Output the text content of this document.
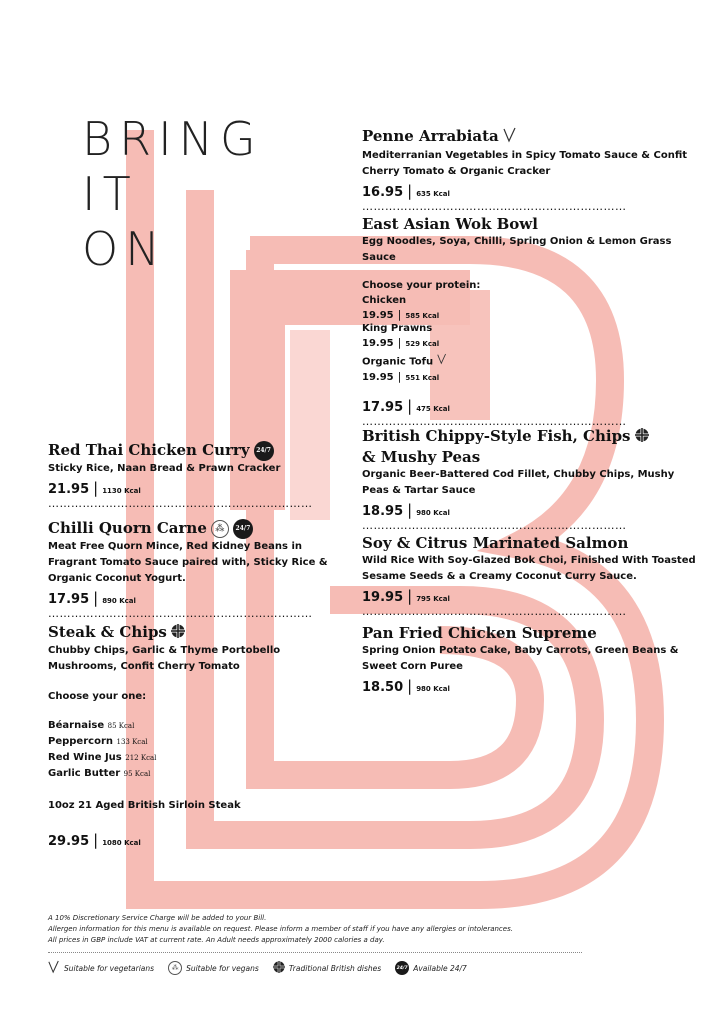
BRING
IT
ON
Penne Arrabiata
Mediterranian Vegetables in Spicy Tomato Sauce & Confit Cherry Tomato & Organic Cracker
16.95 | 635 Kcal
……………………………………………………………
East Asian Wok Bowl
Egg Noodles, Soya, Chilli, Spring Onion & Lemon Grass Sauce
Choose your protein:
Chicken
19.95 | 585 Kcal
King Prawns
19.95 | 529 Kcal
Organic Tofu
19.95 | 551 Kcal
17.95 | 475 Kcal
……………………………………………………………
British Chippy-Style Fish, Chips
& Mushy Peas
Organic Beer-Battered Cod Fillet, Chubby Chips, Mushy Peas & Tartar Sauce
18.95 | 980 Kcal
……………………………………………………………
Soy & Citrus Marinated Salmon
Wild Rice With Soy-Glazed Bok Choi, Finished With Toasted Sesame Seeds & a Creamy Coconut Curry Sauce.
19.95 | 795 Kcal
……………………………………………………………
Pan Fried Chicken Supreme
Spring Onion Potato Cake, Baby Carrots, Green Beans & Sweet Corn Puree
18.50 | 980 Kcal
Red Thai Chicken Curry 24/7
Sticky Rice, Naan Bread & Prawn Cracker
21.95 | 1130 Kcal
……………………………………………………………
Chilli Quorn Carne ⁂ 24/7
Meat Free Quorn Mince, Red Kidney Beans in Fragrant Tomato Sauce paired with, Sticky Rice & Organic Coconut Yogurt.
17.95 | 890 Kcal
……………………………………………………………
Steak & Chips
Chubby Chips, Garlic & Thyme Portobello Mushrooms, Confit Cherry Tomato
Choose your one:
Béarnaise 85 Kcal
Peppercorn 133 Kcal
Red Wine Jus 212 Kcal
Garlic Butter 95 Kcal
10oz 21 Aged British Sirloin Steak
29.95 | 1080 Kcal
A 10% Discretionary Service Charge will be added to your Bill.
Allergen information for this menu is available on request. Please inform a member of staff if you have any allergies or intolerances.
All prices in GBP include VAT at current rate. An Adult needs approximately 2000 calories a day.
Suitable for vegetarians	⁂	Suitable for vegans	Traditional British dishes	24/7 Available 24/7
